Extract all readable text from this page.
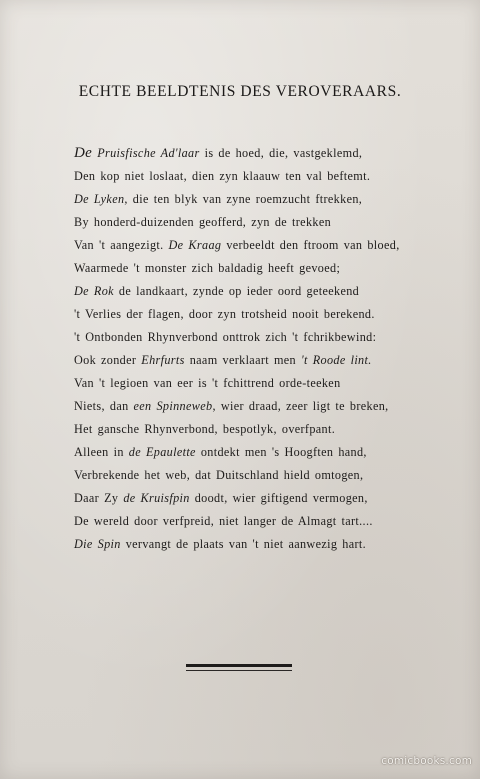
ECHTE BEELDTENIS DES VEROVERAARS.
De Pruisfische Ad'laar is de hoed, die, vastgeklemd,
Den kop niet loslaat, dien zyn klaauw ten val beftemt.
De Lyken, die ten blyk van zyne roemzucht ftrekken,
By honderd-duizenden geofferd, zyn de trekken
Van 't aangezigt. De Kraag verbeeldt den ftroom van bloed,
Waarmede 't monster zich baldadig heeft gevoed;
De Rok de landkaart, zynde op ieder oord geteekend
't Verlies der flagen, door zyn trotsheid nooit berekend.
't Ontbonden Rhynverbond onttrok zich 't fchrikbewind:
Ook zonder Ehrfurts naam verklaart men 't Roode lint.
Van 't legioen van eer is 't fchittrend orde-teeken
Niets, dan een Spinneweb, wier draad, zeer ligt te breken,
Het gansche Rhynverbond, bespotlyk, overfpant.
Alleen in de Epaulette ontdekt men 's Hoogften hand,
Verbrekende het web, dat Duitschland hield omtogen,
Daar Zy de Kruisfpin doodt, wier giftigend vermogen,
De wereld door verfpreid, niet langer de Almagt tart....
Die Spin vervangt de plaats van 't niet aanwezig hart.
comicbooks.com
